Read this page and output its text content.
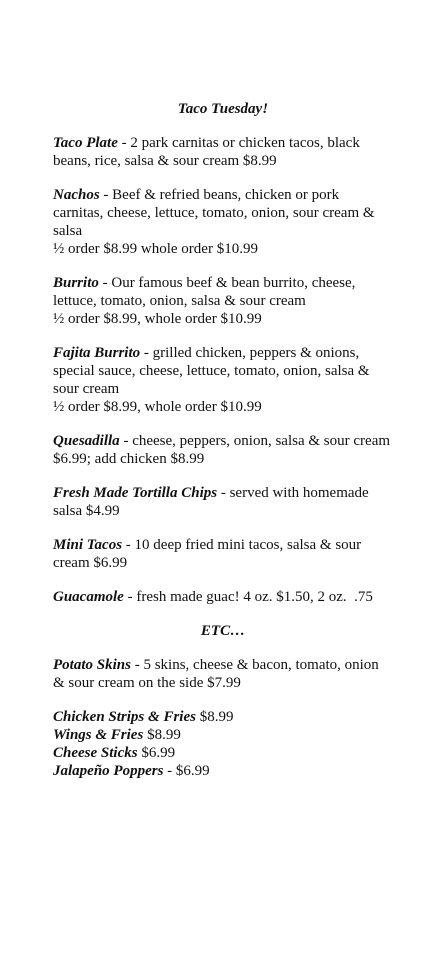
Taco Tuesday!
Taco Plate - 2 park carnitas or chicken tacos, black beans, rice, salsa & sour cream $8.99
Nachos - Beef & refried beans, chicken or pork carnitas, cheese, lettuce, tomato, onion, sour cream & salsa
½ order $8.99 whole order $10.99
Burrito - Our famous beef & bean burrito, cheese, lettuce, tomato, onion, salsa & sour cream
½ order $8.99, whole order $10.99
Fajita Burrito - grilled chicken, peppers & onions, special sauce, cheese, lettuce, tomato, onion, salsa & sour cream
½ order $8.99, whole order $10.99
Quesadilla - cheese, peppers, onion, salsa & sour cream $6.99; add chicken $8.99
Fresh Made Tortilla Chips - served with homemade salsa $4.99
Mini Tacos - 10 deep fried mini tacos, salsa & sour cream $6.99
Guacamole - fresh made guac! 4 oz. $1.50, 2 oz.  .75
ETC…
Potato Skins - 5 skins, cheese & bacon, tomato, onion & sour cream on the side $7.99
Chicken Strips & Fries $8.99
Wings & Fries $8.99
Cheese Sticks $6.99
Jalapeño Poppers - $6.99
